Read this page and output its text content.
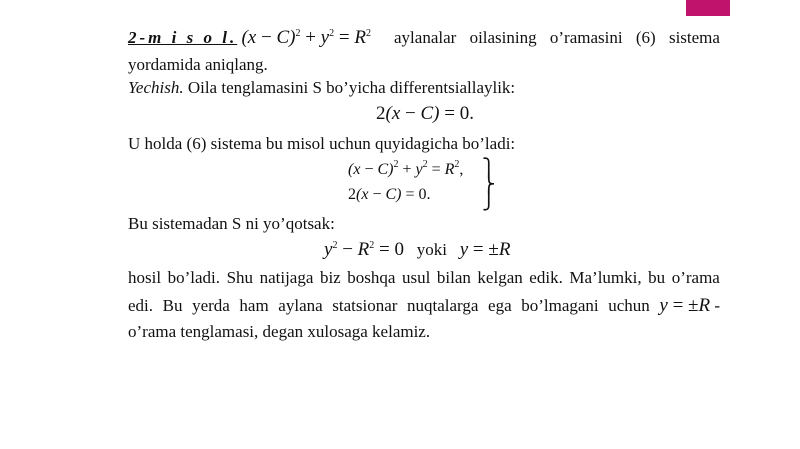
2-m i s o l. $(x - C)^2 + y^2 = R^2$ aylanalar oilasining o’ramasini (6) sistema
yordamida aniqlang.
Yechish. Oila tenglamasini S bo’yicha differentsiallaylik:
2(x − C) = 0.
U holda (6) sistema bu misol uchun quyidagicha bo’ladi:
$(x - C)^2 + y^2 = R^2$,
2(x − C) = 0.
⎫
⎬
⎭
Bu sistemadan S ni yo’qotsak:
$y^2 - R^2 = 0$ yoki y = ±R
hosil bo’ladi. Shu natijaga biz boshqa usul bilan kelgan edik. Ma’lumki, bu o’rama
edi. Bu yerda ham aylana statsionar nuqtalarga ega bo’lmagani uchun y = ±R -
o’rama tenglamasi, degan xulosaga kelamiz.
